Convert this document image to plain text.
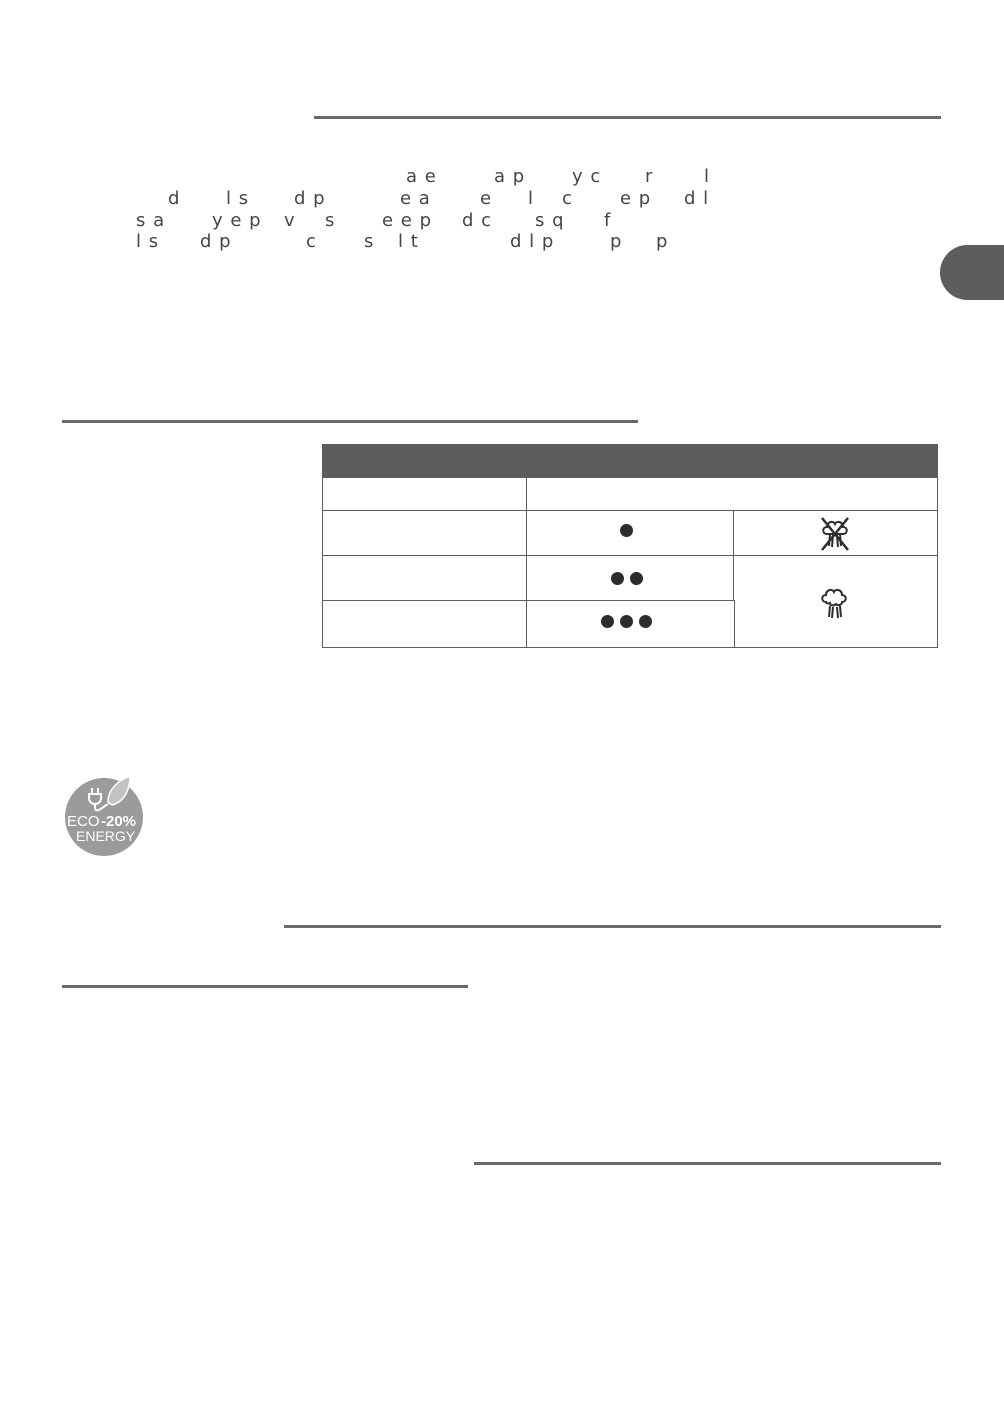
a e	a p	y c r	l
d	l s d p	e a	e l c	e p d l
s a	y e p v s	e e p d c s q f
l s d p	c	s l t	d l p	p p
ECO -20%
ENERGY
